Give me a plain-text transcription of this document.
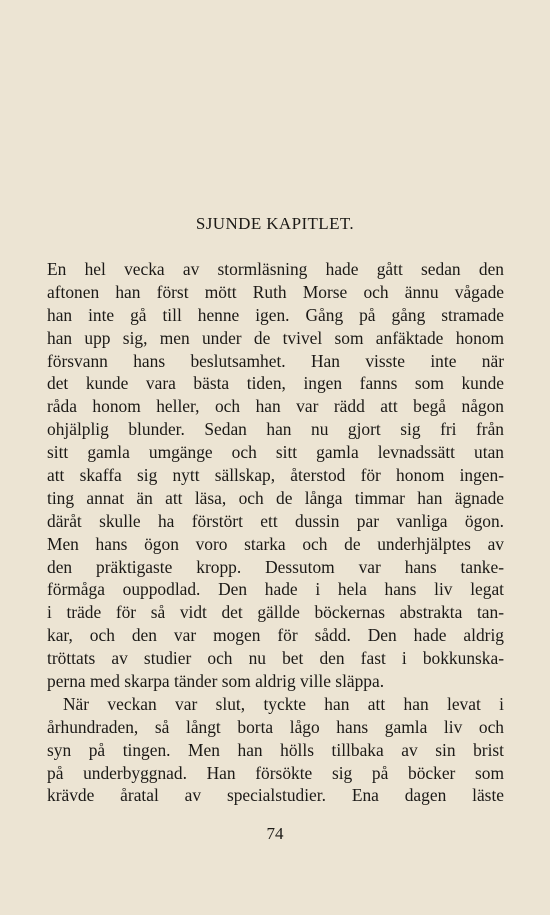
SJUNDE KAPITLET.
En hel vecka av stormläsning hade gått sedan den
aftonen han först mött Ruth Morse och ännu vågade
han inte gå till henne igen. Gång på gång stramade
han upp sig, men under de tvivel som anfäktade honom
försvann hans beslutsamhet. Han visste inte när
det kunde vara bästa tiden, ingen fanns som kunde
råda honom heller, och han var rädd att begå någon
ohjälplig blunder. Sedan han nu gjort sig fri från
sitt gamla umgänge och sitt gamla levnadssätt utan
att skaffa sig nytt sällskap, återstod för honom ingen-
ting annat än att läsa, och de långa timmar han ägnade
däråt skulle ha förstört ett dussin par vanliga ögon.
Men hans ögon voro starka och de underhjälptes av
den präktigaste kropp. Dessutom var hans tanke-
förmåga ouppodlad. Den hade i hela hans liv legat
i träde för så vidt det gällde böckernas abstrakta tan-
kar, och den var mogen för sådd. Den hade aldrig
tröttats av studier och nu bet den fast i bokkunska-
perna med skarpa tänder som aldrig ville släppa.
När veckan var slut, tyckte han att han levat i
århundraden, så långt borta lågo hans gamla liv och
syn på tingen. Men han hölls tillbaka av sin brist
på underbyggnad. Han försökte sig på böcker som
krävde åratal av specialstudier. Ena dagen läste
74
